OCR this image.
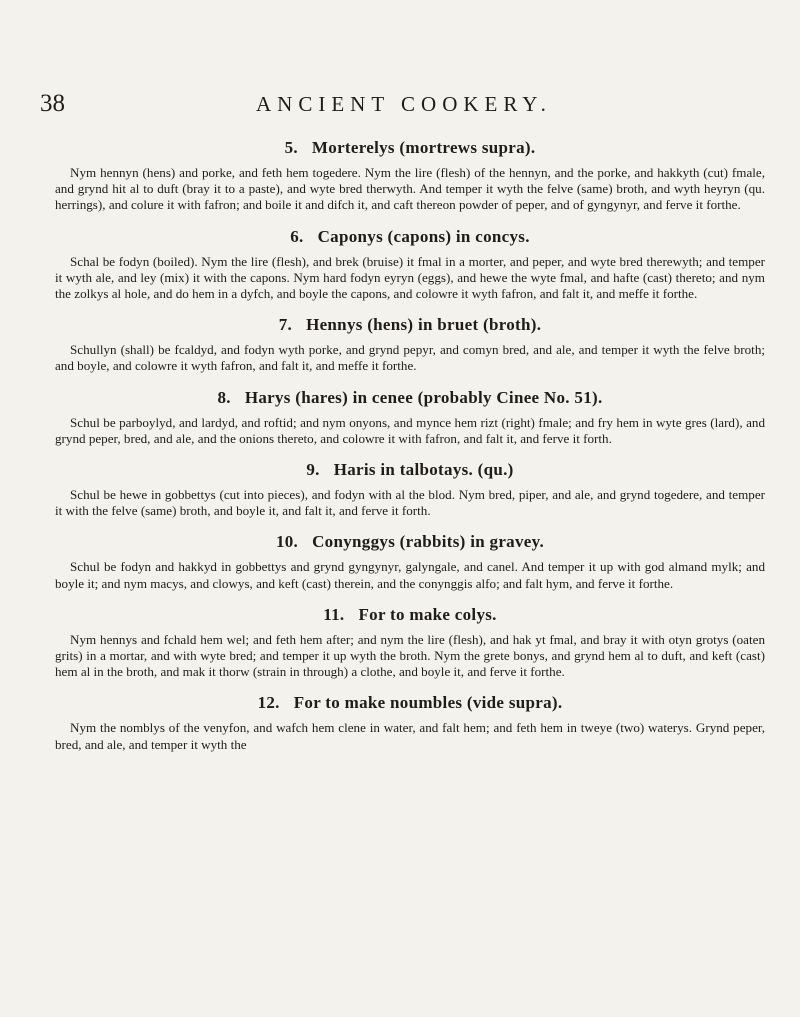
38	ANCIENT COOKERY.
5. Morterelys (mortrews supra).

Nym hennyn (hens) and porke, and feth hem togedere. Nym the lire (flesh) of the hennyn, and the porke, and hakkyth (cut) fmale, and grynd hit al to duft (bray it to a paste), and wyte bred therwyth. And temper it wyth the felve (same) broth, and wyth heyryn (qu. herrings), and colure it with fafron; and boile it and difch it, and caft thereon powder of peper, and of gyngynyr, and ferve it forthe.

6. Caponys (capons) in concys.

Schal be fodyn (boiled). Nym the lire (flesh), and brek (bruise) it fmal in a morter, and peper, and wyte bred therewyth; and temper it wyth ale, and ley (mix) it with the capons. Nym hard fodyn eyryn (eggs), and hewe the wyte fmal, and hafte (cast) thereto; and nym the zolkys al hole, and do hem in a dyfch, and boyle the capons, and colowre it wyth fafron, and falt it, and meffe it forthe.

7. Hennys (hens) in bruet (broth).

Schullyn (shall) be fcaldyd, and fodyn wyth porke, and grynd pepyr, and comyn bred, and ale, and temper it wyth the felve broth; and boyle, and colowre it wyth fafron, and falt it, and meffe it forthe.

8. Harys (hares) in cenee (probably Cinee No. 51).

Schul be parboylyd, and lardyd, and roftid; and nym onyons, and mynce hem rizt (right) fmale; and fry hem in wyte gres (lard), and grynd peper, bred, and ale, and the onions thereto, and colowre it with fafron, and falt it, and ferve it forth.

9. Haris in talbotays. (qu.)

Schul be hewe in gobbettys (cut into pieces), and fodyn with al the blod. Nym bred, piper, and ale, and grynd togedere, and temper it with the felve (same) broth, and boyle it, and falt it, and ferve it forth.

10. Conynggys (rabbits) in gravey.

Schul be fodyn and hakkyd in gobbettys and grynd gyngynyr, galyngale, and canel. And temper it up with god almand mylk; and boyle it; and nym macys, and clowys, and keft (cast) therein, and the conynggis alfo; and falt hym, and ferve it forthe.

11. For to make colys.

Nym hennys and fchald hem wel; and feth hem after; and nym the lire (flesh), and hak yt fmal, and bray it with otyn grotys (oaten grits) in a mortar, and with wyte bred; and temper it up wyth the broth. Nym the grete bonys, and grynd hem al to duft, and keft (cast) hem al in the broth, and mak it thorw (strain in through) a clothe, and boyle it, and ferve it forthe.

12. For to make noumbles (vide supra).

Nym the nomblys of the venyfon, and wafch hem clene in water, and falt hem; and feth hem in tweye (two) waterys. Grynd peper, bred, and ale, and temper it wyth the
